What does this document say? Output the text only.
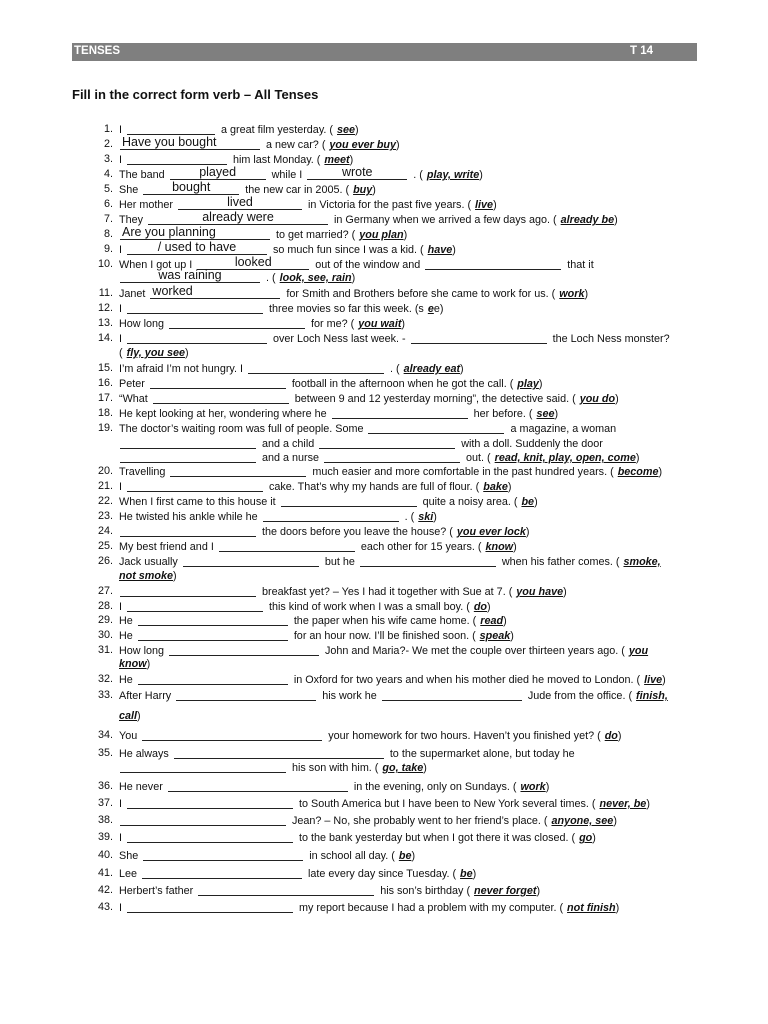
TENSES	T 14
Fill in the correct form verb – All Tenses
1. I	a great film yesterday. ( see)
2. Have you bought	a new car? ( you ever buy)
3. I	him last Monday. ( meet)
4. The band	played	while I	wrote	. ( play, write)
5. She	bought	the new car in 2005. ( buy)
6. Her mother	lived	in Victoria for the past five years. ( live)
7. They	already were	in Germany when we arrived a few days ago. ( already be)
8. Are you planning	to get married? ( you plan)
9. I	/ used to have	so much fun since I was a kid. ( have)
10. When I got up I	looked	out of the window and	that it
was raining	. ( look, see, rain)
11. Janet worked	for Smith and Brothers before she came to work for us. ( work)
12. I	three movies so far this week. (s ee)
13. How long	for me? ( you wait)
14. I	over Loch Ness last week. -	the Loch Ness monster?
( fly, you see)
15. I’m afraid I’m not hungry. I	. ( already eat)
16. Peter	football in the afternoon when he got the call. ( play)
17. “What	between 9 and 12 yesterday morning”, the detective said. ( you do)
18. He kept looking at her, wondering where he	her before. ( see)
19. The doctor’s waiting room was full of people. Some	a magazine, a woman
and a child	with a doll. Suddenly the door
and a nurse	out. ( read, knit, play, open, come)
20. Travelling	much easier and more comfortable in the past hundred years. ( become)
21. I	cake. That’s why my hands are full of flour. ( bake)
22. When I first came to this house it	quite a noisy area. ( be)
23. He twisted his ankle while he	. ( ski)
24.	the doors before you leave the house? ( you ever lock)
25. My best friend and I	each other for 15 years. ( know)
26. Jack usually	but he	when his father comes. ( smoke,
not smoke)
27.	breakfast yet? – Yes I had it together with Sue at 7. ( you have)
28. I	this kind of work when I was a small boy. ( do)
29. He	the paper when his wife came home. ( read)
30. He	for an hour now. I’ll be finished soon. ( speak)
31. How long	John and Maria?- We met the couple over thirteen years ago. ( you
know)
32. He	in Oxford for two years and when his mother died he moved to London. ( live)
33. After Harry	his work he	Jude from the office. ( finish,
call)
34. You	your homework for two hours. Haven’t you finished yet? ( do)
35. He always	to the supermarket alone, but today he
his son with him. ( go, take)
36. He never	in the evening, only on Sundays. ( work)
37. I	to South America but I have been to New York several times. ( never, be)
38.	Jean? – No, she probably went to her friend’s place. ( anyone, see)
39. I	to the bank yesterday but when I got there it was closed. ( go)
40. She	in school all day. ( be)
41. Lee	late every day since Tuesday. ( be)
42. Herbert’s father	his son’s birthday ( never forget)
43. I	my report because I had a problem with my computer. ( not finish)
